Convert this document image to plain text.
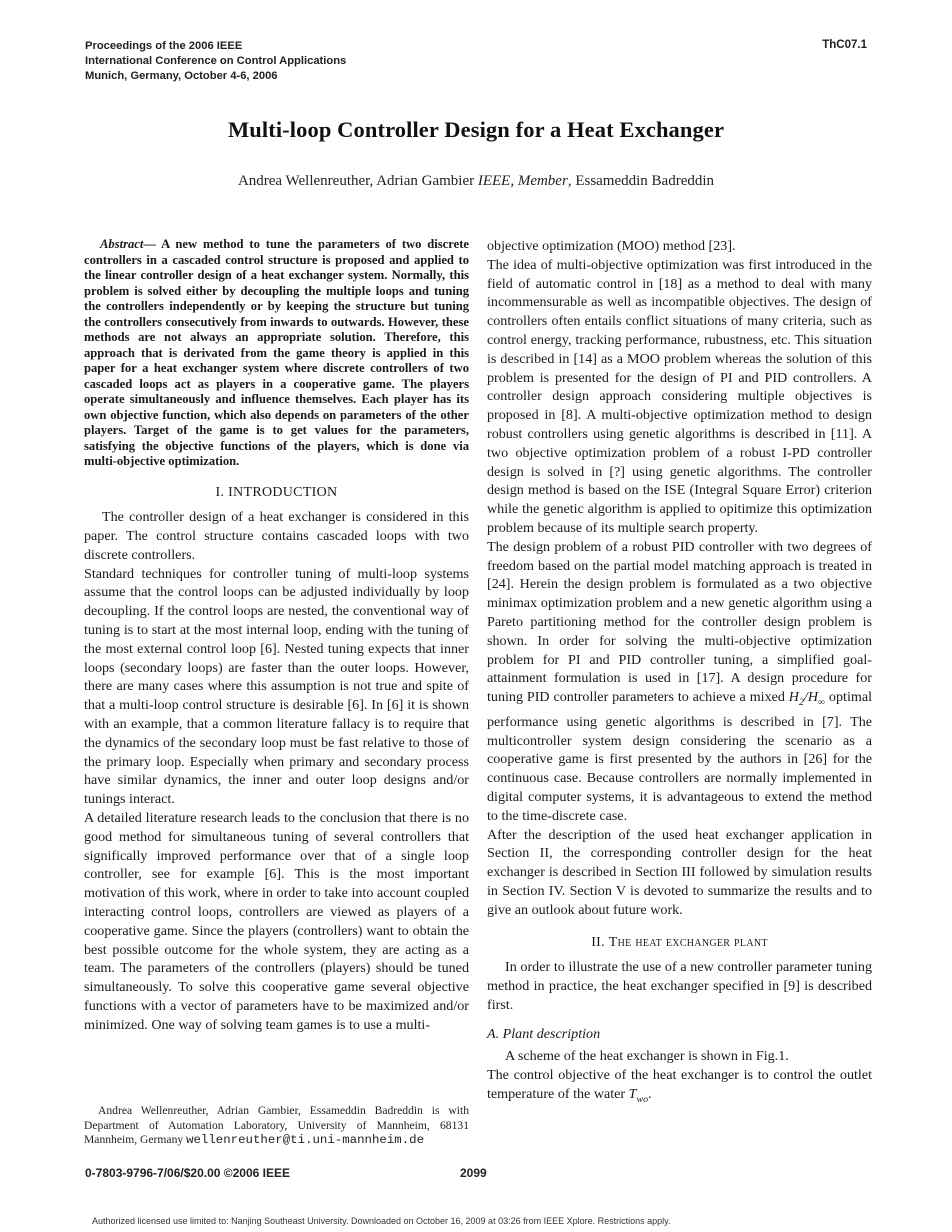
Proceedings of the 2006 IEEE
International Conference on Control Applications
Munich, Germany, October 4-6, 2006
ThC07.1
Multi-loop Controller Design for a Heat Exchanger
Andrea Wellenreuther, Adrian Gambier IEEE, Member, Essameddin Badreddin

Abstract— A new method to tune the parameters of two discrete controllers in a cascaded control structure is proposed and applied to the linear controller design of a heat exchanger system. Normally, this problem is solved either by decoupling the multiple loops and tuning the controllers independently or by keeping the structure but tuning the controllers consecutively from inwards to outwards. However, these methods are not always an appropriate solution. Therefore, this approach that is derivated from the game theory is applied in this paper for a heat exchanger system where discrete controllers of two cascaded loops act as players in a cooperative game. The players operate simultaneously and influence themselves. Each player has its own objective function, which also depends on parameters of the other players. Target of the game is to get values for the parameters, satisfying the objective functions of the players, which is done via multi-objective optimization.

I. INTRODUCTION

The controller design of a heat exchanger is considered in this paper. The control structure contains cascaded loops with two discrete controllers.

Standard techniques for controller tuning of multi-loop systems assume that the control loops can be adjusted individually by loop decoupling. If the control loops are nested, the conventional way of tuning is to start at the most internal loop, ending with the tuning of the most external control loop [6]. Nested tuning expects that inner loops (secondary loops) are faster than the outer loops. However, there are many cases where this assumption is not true and spite of that a multi-loop control structure is desirable [6]. In [6] it is shown with an example, that a common literature fallacy is to require that the dynamics of the secondary loop must be fast relative to those of the primary loop. Especially when primary and secondary process have similar dynamics, the inner and outer loop designs and/or tunings interact.

A detailed literature research leads to the conclusion that there is no good method for simultaneous tuning of several controllers that significally improved performance over that of a single loop controller, see for example [6]. This is the most important motivation of this work, where in order to take into account coupled interacting control loops, controllers are viewed as players of a cooperative game. Since the players (controllers) want to obtain the best possible outcome for the whole system, they are acting as a team. The parameters of the controllers (players) should be tuned simultaneously. To solve this cooperative game several objective functions with a vector of parameters have to be maximized and/or minimized. One way of solving team games is to use a multi-

Andrea Wellenreuther, Adrian Gambier, Essameddin Badreddin is with Department of Automation Laboratory, University of Mannheim, 68131 Mannheim, Germany wellenreuther@ti.uni-mannheim.de

objective optimization (MOO) method [23].

The idea of multi-objective optimization was first introduced in the field of automatic control in [18] as a method to deal with many incommensurable as well as incompatible objectives. The design of controllers often entails conflict situations of many criteria, such as control energy, tracking performance, rubustness, etc. This situation is described in [14] as a MOO problem whereas the solution of this problem is presented for the design of PI and PID controllers. A controller design approach considering multiple objectives is proposed in [8]. A multi-objective optimization method to design robust controllers using genetic algorithms is described in [11]. A two objective optimization problem of a robust I-PD controller design is solved in [?] using genetic algorithms. The controller design method is based on the ISE (Integral Square Error) criterion while the genetic algorithm is applied to opitimize this optimization problem because of its multiple search property.

The design problem of a robust PID controller with two degrees of freedom based on the partial model matching approach is treated in [24]. Herein the design problem is formulated as a two objective minimax optimization problem and a new genetic algorithm using a Pareto partitioning method for the controller design problem is shown. In order for solving the multi-objective optimization problem for PI and PID controller tuning, a simplified goal-attainment formulation is used in [17]. A design procedure for tuning PID controller parameters to achieve a mixed $H_2/H_\infty$ optimal performance using genetic algorithms is described in [7]. The multicontroller system design considering the scenario as a cooperative game is first presented by the authors in [26] for the continuous case. Because controllers are normally implemented in digital computer systems, it is advantageous to extend the method to the time-discrete case.

After the description of the used heat exchanger application in Section II, the corresponding controller design for the heat exchanger is described in Section III followed by simulation results in Section IV. Section V is devoted to summarize the results and to give an outlook about future work.

II. The heat exchanger plant

In order to illustrate the use of a new controller parameter tuning method in practice, the heat exchanger specified in [9] is described first.

A. Plant description

A scheme of the heat exchanger is shown in Fig.1.

The control objective of the heat exchanger is to control the outlet temperature of the water $T_{wo}$.

0-7803-9796-7/06/$20.00 ©2006 IEEE	2099
Authorized licensed use limited to: Nanjing Southeast University. Downloaded on October 16, 2009 at 03:26 from IEEE Xplore. Restrictions apply.
